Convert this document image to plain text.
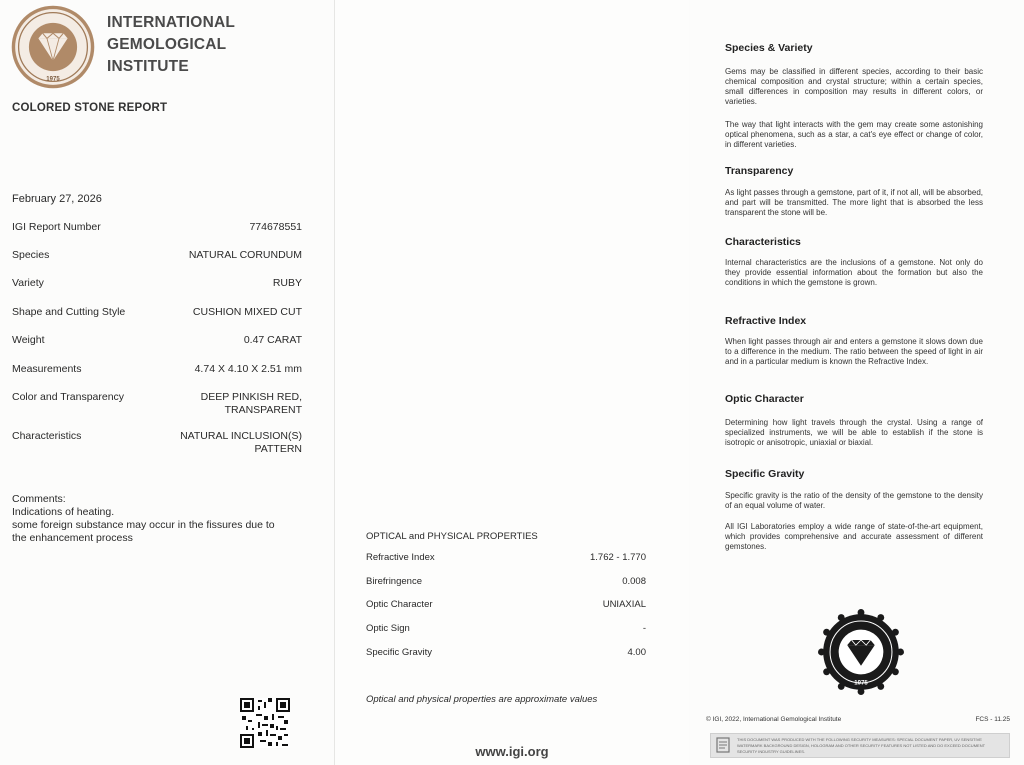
1975
INTERNATIONAL
GEMOLOGICAL
INSTITUTE
COLORED STONE REPORT
February 27, 2026
IGI Report Number	774678551
Species	NATURAL CORUNDUM
Variety	RUBY
Shape and Cutting Style	CUSHION MIXED CUT
Weight	0.47 CARAT
Measurements	4.74 X 4.10 X 2.51 mm
Color and Transparency	DEEP PINKISH RED,
TRANSPARENT
Characteristics	NATURAL INCLUSION(S)
PATTERN
Comments:
Indications of heating.
some foreign substance may occur in the fissures due to
the enhancement process	OPTICAL and PHYSICAL PROPERTIES
Refractive Index	1.762 - 1.770
Birefringence	0.008
Optic Character	UNIAXIAL
Optic Sign	-
Specific Gravity	4.00
Optical and physical properties are approximate values
www.igi.org
Species & Variety
Gems may be classified in different species, according to their basic chemical composition and crystal structure; within a certain species, small differences in composition may results in different colors, or varieties.
The way that light interacts with the gem may create some astonishing optical phenomena, such as a star, a cat's eye effect or change of color, in different varieties.
Transparency
As light passes through a gemstone, part of it, if not all, will be absorbed, and part will be transmitted. The more light that is absorbed the less transparent the stone will be.
Characteristics
Internal characteristics are the inclusions of a gemstone. Not only do they provide essential information about the formation but also the conditions in which the gemstone is grown.
Refractive Index
When light passes through air and enters a gemstone it slows down due to a difference in the medium. The ratio between the speed of light in air and in a particular medium is known the Refractive Index.
Optic Character
Determining how light travels through the crystal. Using a range of specialized instruments, we will be able to establish if the stone is isotropic or anisotropic, uniaxial or biaxial.
Specific Gravity
Specific gravity is the ratio of the density of the gemstone to the density of an equal volume of water.
All IGI Laboratories employ a wide range of state-of-the-art equipment, which provides comprehensive and accurate assessment of different gemstones.
1975
© IGI, 2022, International Gemological Institute	FCS - 11.25
THIS DOCUMENT WAS PRODUCED WITH THE FOLLOWING SECURITY MEASURES: SPECIAL DOCUMENT PAPER, UV SENSITIVE WATERMARK BACKGROUND DESIGN, HOLOGRAM AND OTHER SECURITY FEATURES NOT LISTED AND DO EXCEED DOCUMENT SECURITY INDUSTRY GUIDELINES.
